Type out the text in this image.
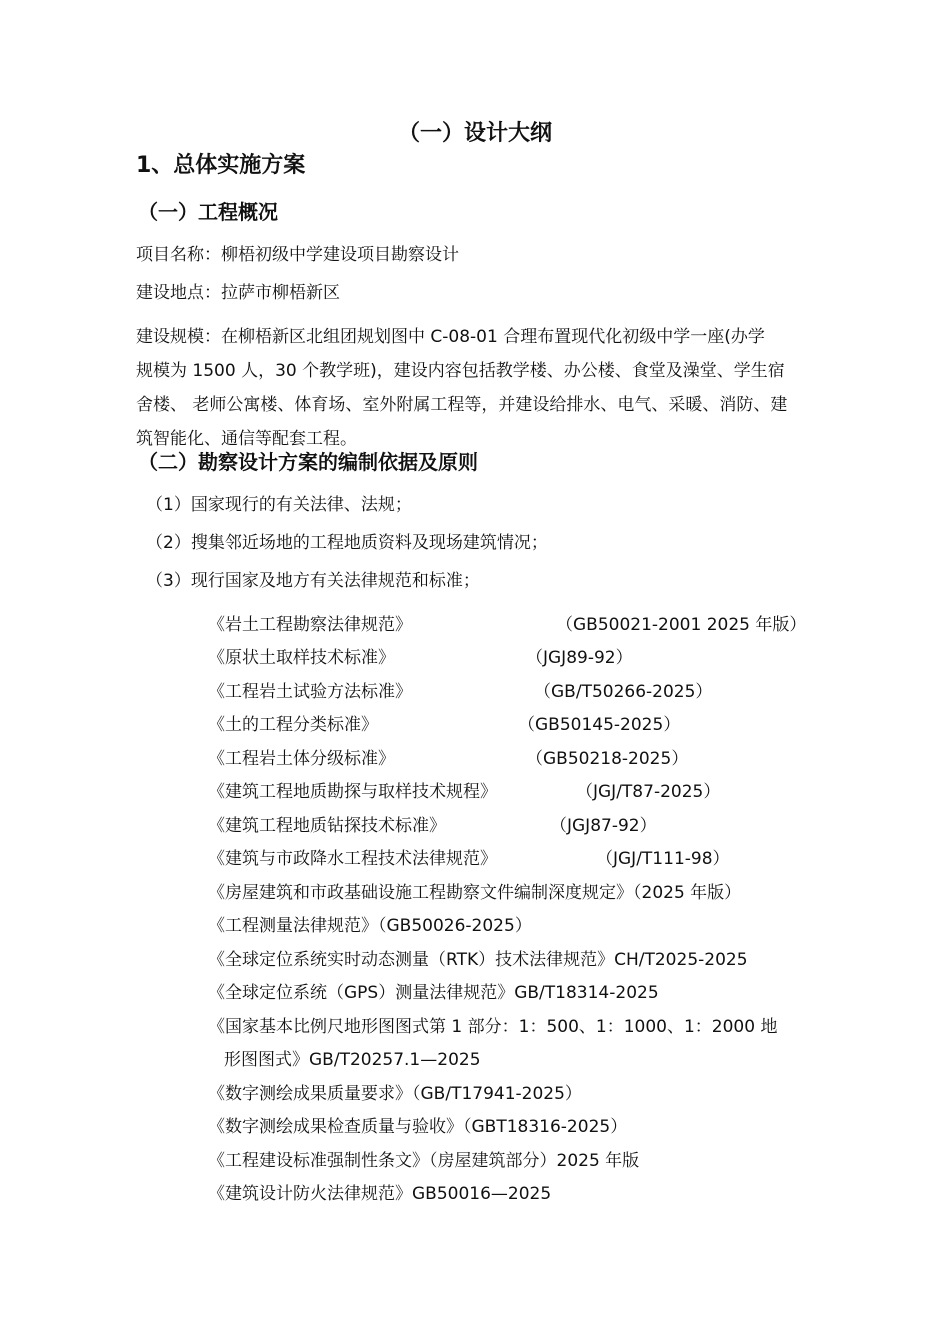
（一）设计大纲
1、总体实施方案
（一）工程概况
项目名称：柳梧初级中学建设项目勘察设计
建设地点：拉萨市柳梧新区
建设规模：在柳梧新区北组团规划图中 C-08-01 合理布置现代化初级中学一座(办学
规模为 1500 人，30 个教学班)，建设内容包括教学楼、办公楼、食堂及澡堂、学生宿
舍楼、 老师公寓楼、体育场、室外附属工程等，并建设给排水、电气、采暖、消防、建
筑智能化、通信等配套工程。
（二）勘察设计方案的编制依据及原则
（1）国家现行的有关法律、法规；
（2）搜集邻近场地的工程地质资料及现场建筑情况；
（3）现行国家及地方有关法律规范和标准；
《岩土工程勘察法律规范》	（GB50021-2001 2025 年版）
《原状土取样技术标准》	（JGJ89-92）
《工程岩土试验方法标准》	（GB/T50266-2025）
《土的工程分类标准》	（GB50145-2025）
《工程岩土体分级标准》	（GB50218-2025）
《建筑工程地质勘探与取样技术规程》	（JGJ/T87-2025）
《建筑工程地质钻探技术标准》	（JGJ87-92）
《建筑与市政降水工程技术法律规范》	（JGJ/T111-98）
《房屋建筑和市政基础设施工程勘察文件编制深度规定》（2025 年版）
《工程测量法律规范》（GB50026-2025）
《全球定位系统实时动态测量（RTK）技术法律规范》CH/T2025-2025
《全球定位系统（GPS）测量法律规范》GB/T18314-2025
《国家基本比例尺地形图图式第 1 部分：1：500、1：1000、1：2000 地
形图图式》GB/T20257.1—2025
《数字测绘成果质量要求》（GB/T17941-2025）
《数字测绘成果检查质量与验收》（GBT18316-2025）
《工程建设标准强制性条文》（房屋建筑部分）2025 年版
《建筑设计防火法律规范》GB50016—2025
